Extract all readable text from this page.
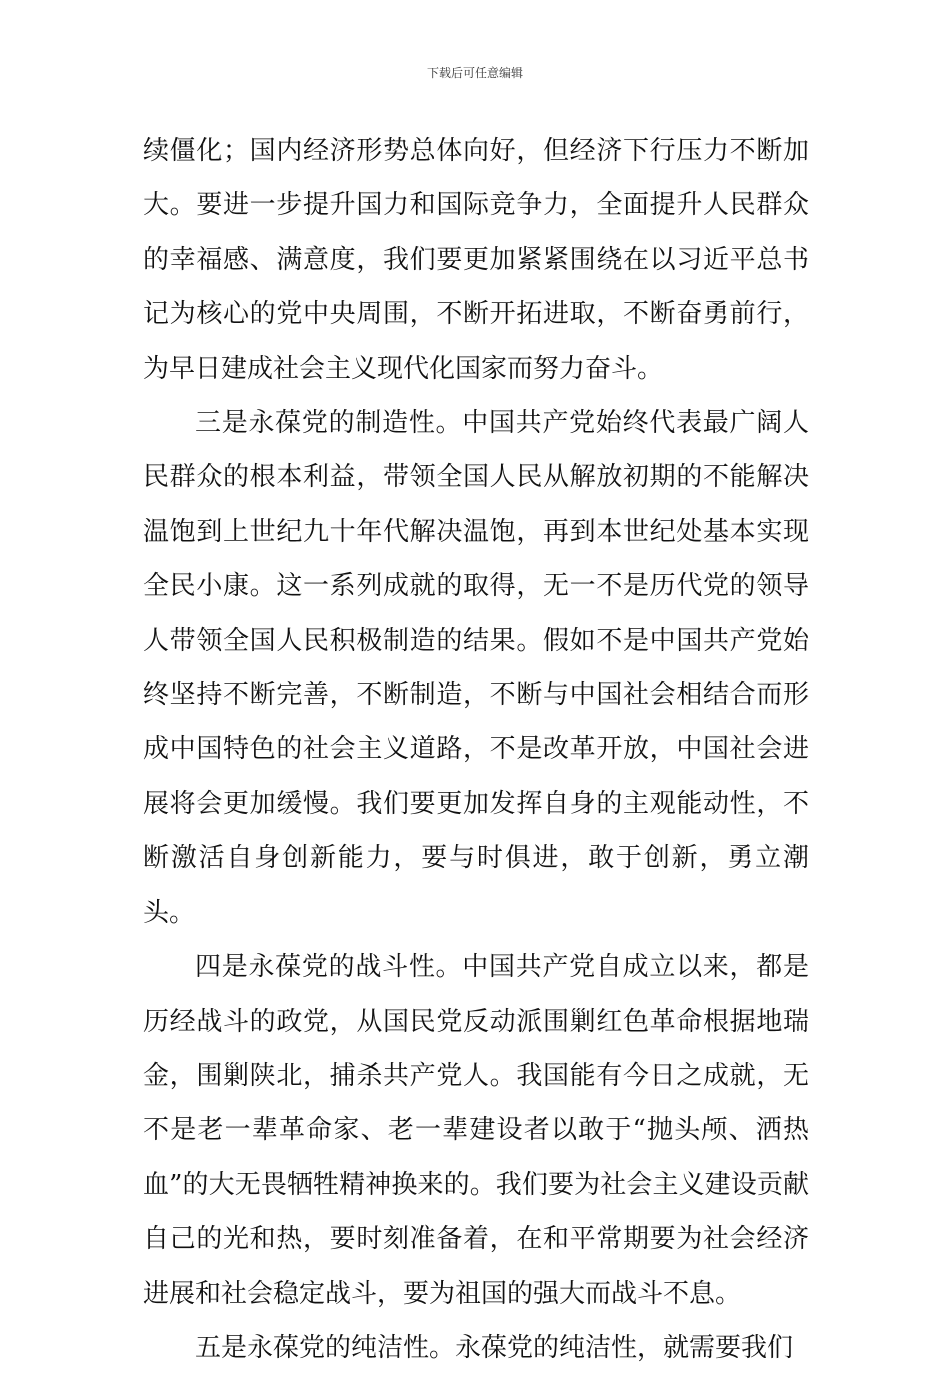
下载后可任意编辑

续僵化；国内经济形势总体向好，但经济下行压力不断加大。要进一步提升国力和国际竞争力，全面提升人民群众的幸福感、满意度，我们要更加紧紧围绕在以习近平总书记为核心的党中央周围，不断开拓进取，不断奋勇前行，为早日建成社会主义现代化国家而努力奋斗。

三是永葆党的制造性。中国共产党始终代表最广阔人民群众的根本利益，带领全国人民从解放初期的不能解决温饱到上世纪九十年代解决温饱，再到本世纪处基本实现全民小康。这一系列成就的取得，无一不是历代党的领导人带领全国人民积极制造的结果。假如不是中国共产党始终坚持不断完善，不断制造，不断与中国社会相结合而形成中国特色的社会主义道路，不是改革开放，中国社会进展将会更加缓慢。我们要更加发挥自身的主观能动性，不断激活自身创新能力，要与时俱进，敢于创新，勇立潮头。

四是永葆党的战斗性。中国共产党自成立以来，都是历经战斗的政党，从国民党反动派围剿红色革命根据地瑞金，围剿陕北，捕杀共产党人。我国能有今日之成就，无不是老一辈革命家、老一辈建设者以敢于“抛头颅、洒热血”的大无畏牺牲精神换来的。我们要为社会主义建设贡献自己的光和热，要时刻准备着，在和平常期要为社会经济进展和社会稳定战斗，要为祖国的强大而战斗不息。

五是永葆党的纯洁性。永葆党的纯洁性，就需要我们
